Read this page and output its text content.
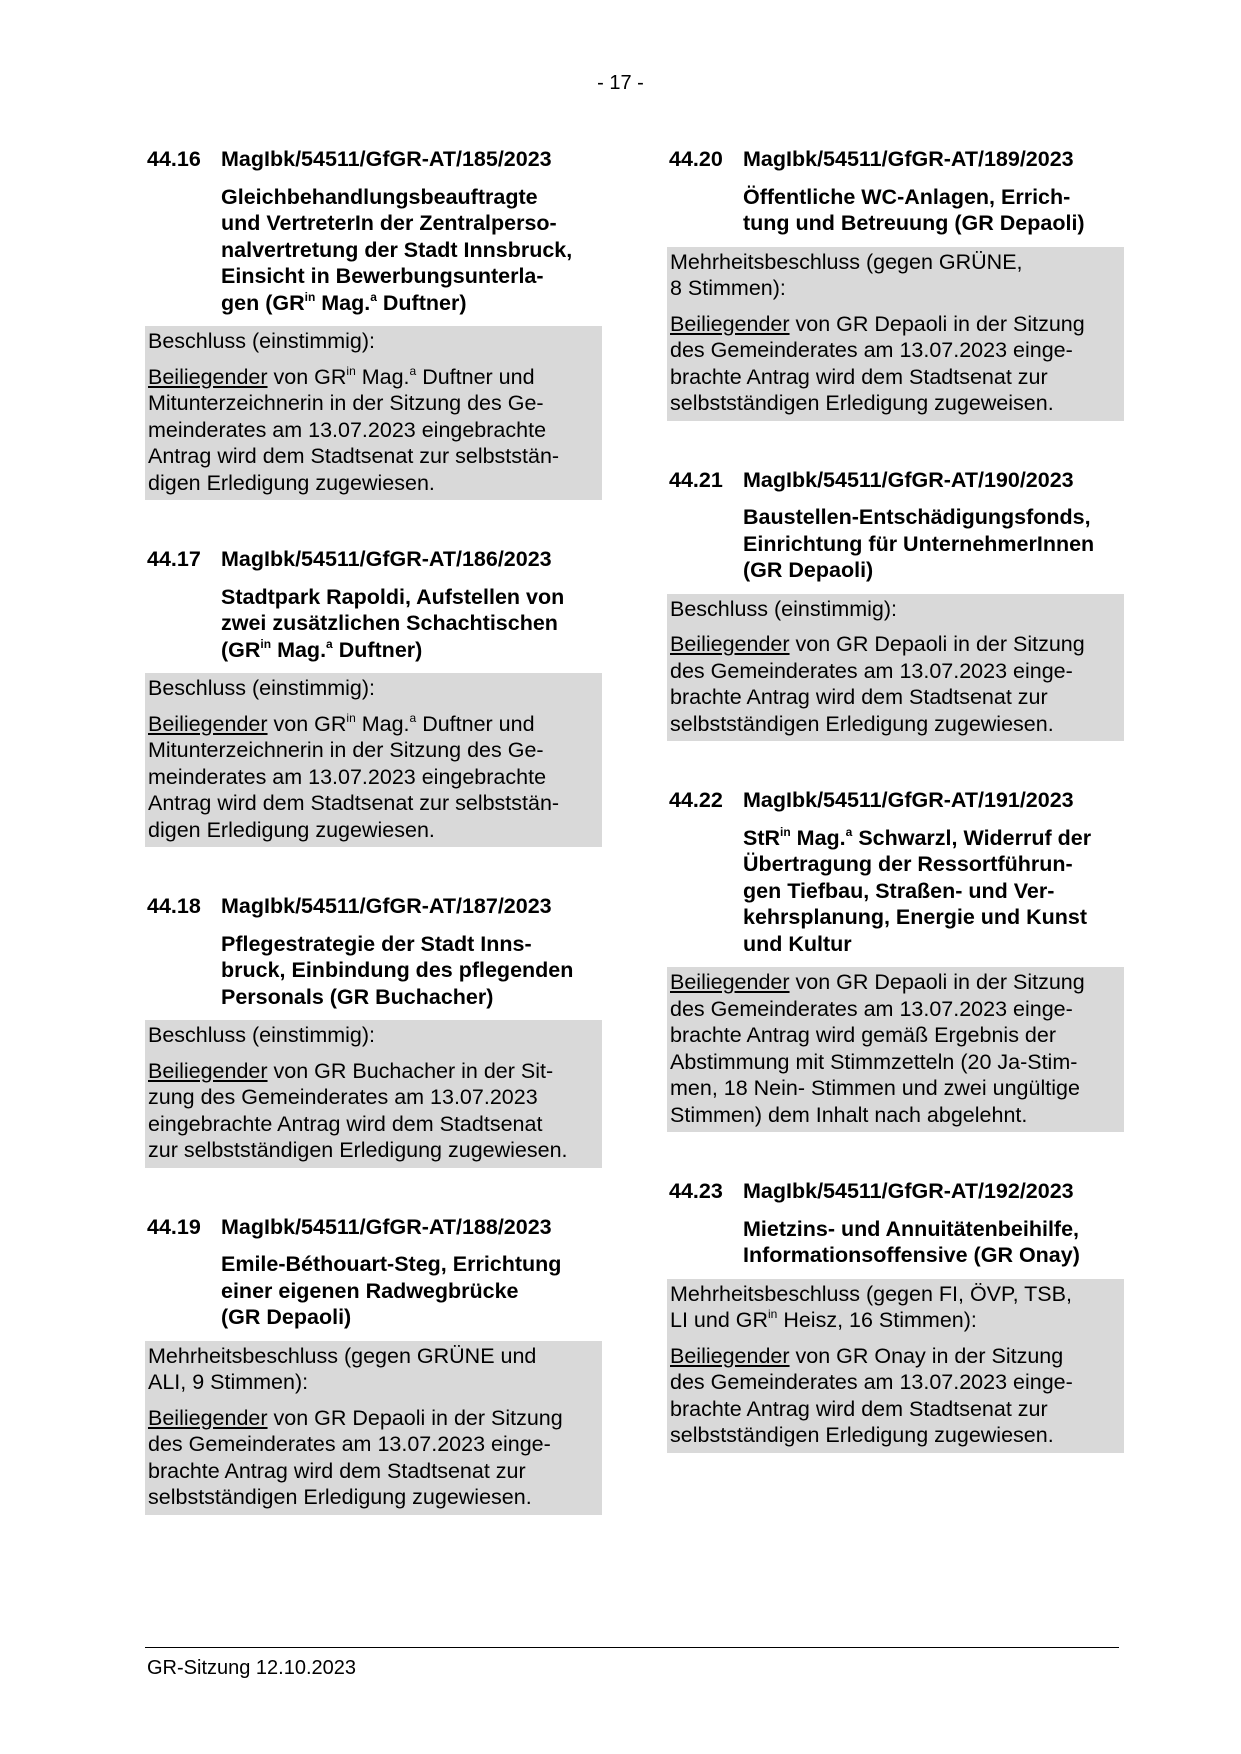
- 17 -
44.16 MagIbk/54511/GfGR-AT/185/2023
Gleichbehandlungsbeauftragte
und VertreterIn der Zentralperso-
nalvertretung der Stadt Innsbruck,
Einsicht in Bewerbungsunterla-
gen ($GR^{in}$ Mag.$^a$ Duftner)

Beschluss (einstimmig):

Beiliegender von $GR^{in}$ Mag.$^a$ Duftner und
Mitunterzeichnerin in der Sitzung des Ge-
meinderates am 13.07.2023 eingebrachte
Antrag wird dem Stadtsenat zur selbststän-
digen Erledigung zugewiesen.

44.17 MagIbk/54511/GfGR-AT/186/2023
Stadtpark Rapoldi, Aufstellen von
zwei zusätzlichen Schachtischen
($GR^{in}$ Mag.$^a$ Duftner)

Beschluss (einstimmig):

Beiliegender von $GR^{in}$ Mag.$^a$ Duftner und
Mitunterzeichnerin in der Sitzung des Ge-
meinderates am 13.07.2023 eingebrachte
Antrag wird dem Stadtsenat zur selbststän-
digen Erledigung zugewiesen.

44.18 MagIbk/54511/GfGR-AT/187/2023
Pflegestrategie der Stadt Inns-
bruck, Einbindung des pflegenden
Personals (GR Buchacher)

Beschluss (einstimmig):

Beiliegender von GR Buchacher in der Sit-
zung des Gemeinderates am 13.07.2023
eingebrachte Antrag wird dem Stadtsenat
zur selbstständigen Erledigung zugewiesen.

44.19 MagIbk/54511/GfGR-AT/188/2023
Emile-Béthouart-Steg, Errichtung
einer eigenen Radwegbrücke
(GR Depaoli)

Mehrheitsbeschluss (gegen GRÜNE und
ALI, 9 Stimmen):

Beiliegender von GR Depaoli in der Sitzung
des Gemeinderates am 13.07.2023 einge-
brachte Antrag wird dem Stadtsenat zur
selbstständigen Erledigung zugewiesen.

44.20 MagIbk/54511/GfGR-AT/189/2023
Öffentliche WC-Anlagen, Errich-
tung und Betreuung (GR Depaoli)

Mehrheitsbeschluss (gegen GRÜNE,
8 Stimmen):

Beiliegender von GR Depaoli in der Sitzung
des Gemeinderates am 13.07.2023 einge-
brachte Antrag wird dem Stadtsenat zur
selbstständigen Erledigung zugeweisen.

44.21 MagIbk/54511/GfGR-AT/190/2023
Baustellen-Entschädigungsfonds,
Einrichtung für UnternehmerInnen
(GR Depaoli)

Beschluss (einstimmig):

Beiliegender von GR Depaoli in der Sitzung
des Gemeinderates am 13.07.2023 einge-
brachte Antrag wird dem Stadtsenat zur
selbstständigen Erledigung zugewiesen.

44.22 MagIbk/54511/GfGR-AT/191/2023
StR$^{in}$ Mag.$^a$ Schwarzl, Widerruf der
Übertragung der Ressortführun-
gen Tiefbau, Straßen- und Ver-
kehrsplanung, Energie und Kunst
und Kultur

Beiliegender von GR Depaoli in der Sitzung
des Gemeinderates am 13.07.2023 einge-
brachte Antrag wird gemäß Ergebnis der
Abstimmung mit Stimmzetteln (20 Ja-Stim-
men, 18 Nein- Stimmen und zwei ungültige
Stimmen) dem Inhalt nach abgelehnt.

44.23 MagIbk/54511/GfGR-AT/192/2023
Mietzins- und Annuitätenbeihilfe,
Informationsoffensive (GR Onay)

Mehrheitsbeschluss (gegen FI, ÖVP, TSB,
LI und $GR^{in}$ Heisz, 16 Stimmen):

Beiliegender von GR Onay in der Sitzung
des Gemeinderates am 13.07.2023 einge-
brachte Antrag wird dem Stadtsenat zur
selbstständigen Erledigung zugewiesen.

GR-Sitzung 12.10.2023
